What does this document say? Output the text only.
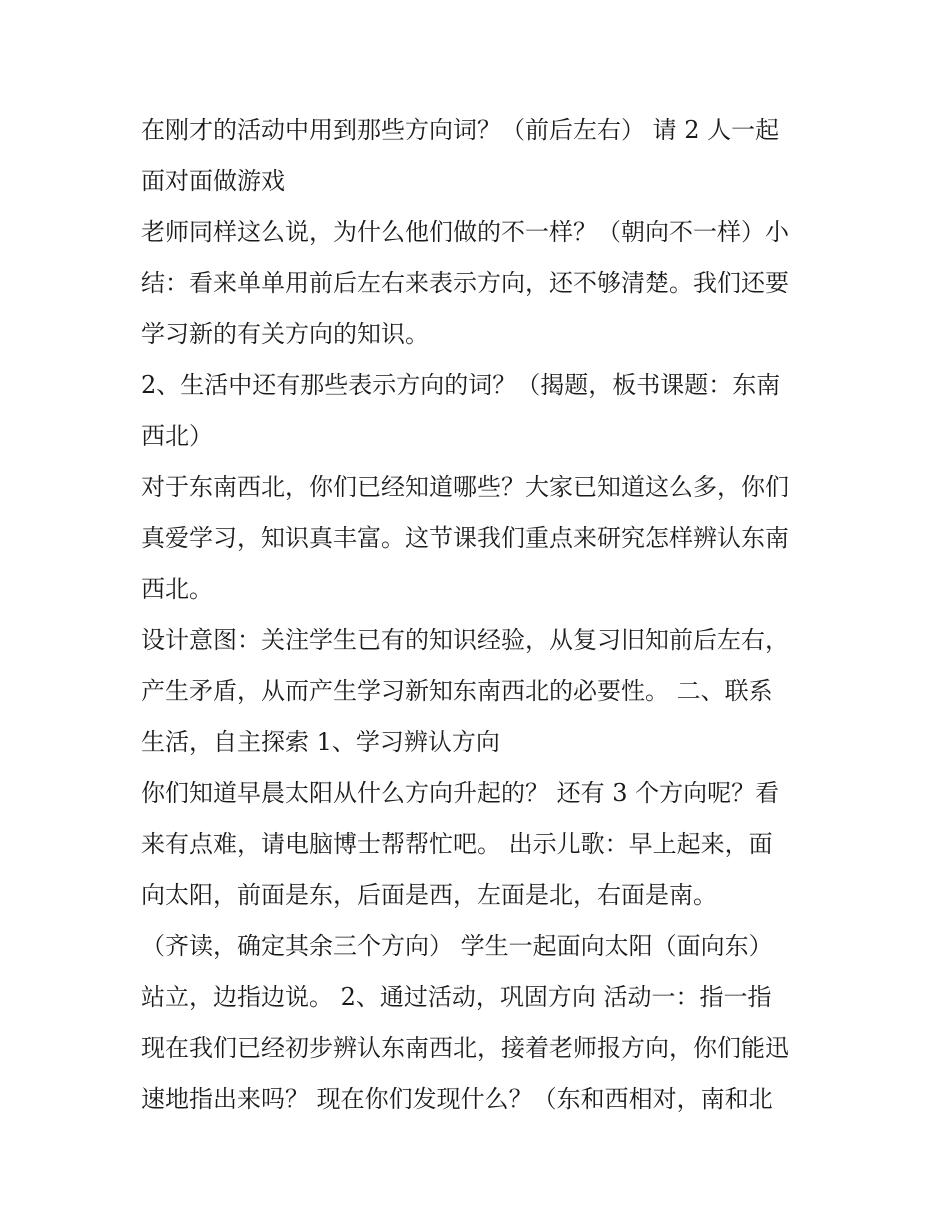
在刚才的活动中用到那些方向词？（前后左右） 请 2 人一起
面对面做游戏
老师同样这么说，为什么他们做的不一样？（朝向不一样）小
结：看来单单用前后左右来表示方向，还不够清楚。我们还要
学习新的有关方向的知识。
2、生活中还有那些表示方向的词？（揭题，板书课题：东南
西北）
对于东南西北，你们已经知道哪些？大家已知道这么多，你们
真爱学习，知识真丰富。这节课我们重点来研究怎样辨认东南
西北。
设计意图：关注学生已有的知识经验，从复习旧知前后左右，
产生矛盾，从而产生学习新知东南西北的必要性。 二、联系
生活，自主探索 1、学习辨认方向
你们知道早晨太阳从什么方向升起的？ 还有 3 个方向呢？看
来有点难，请电脑博士帮帮忙吧。 出示儿歌：早上起来，面
向太阳，前面是东，后面是西，左面是北，右面是南。
（齐读，确定其余三个方向） 学生一起面向太阳（面向东）
站立，边指边说。 2、通过活动，巩固方向 活动一：指一指
现在我们已经初步辨认东南西北，接着老师报方向，你们能迅
速地指出来吗？ 现在你们发现什么？（东和西相对，南和北
